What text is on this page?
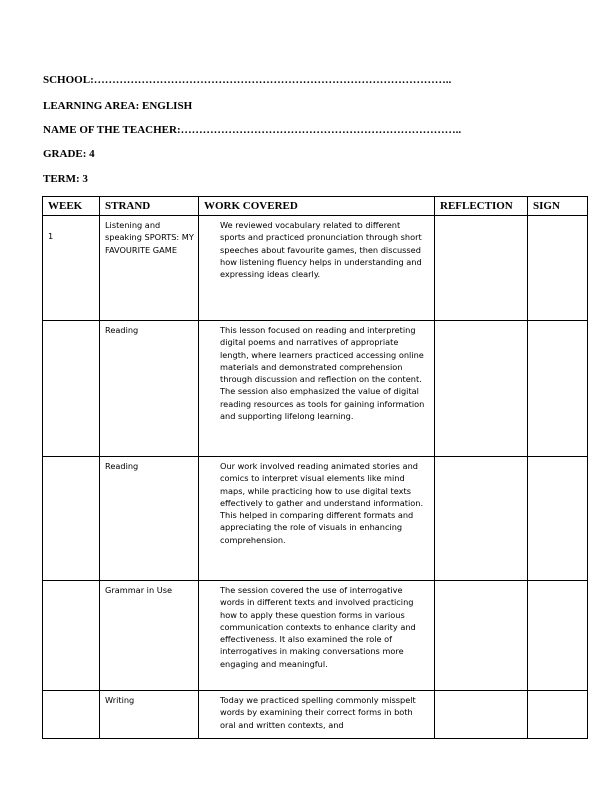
SCHOOL:……………………………………………………………………………………..
LEARNING AREA: ENGLISH
NAME OF THE TEACHER:…………………………………………………………………..
GRADE: 4
TERM: 3
WEEK	STRAND	WORK COVERED	REFLECTION	SIGN

1	Listening and speaking SPORTS: MY FAVOURITE GAME	We reviewed vocabulary related to different sports and practiced pronunciation through short speeches about favourite games, then discussed how listening fluency helps in understanding and expressing ideas clearly.		
	Reading	This lesson focused on reading and interpreting digital poems and narratives of appropriate length, where learners practiced accessing online materials and demonstrated comprehension through discussion and reflection on the content. The session also emphasized the value of digital reading resources as tools for gaining information and supporting lifelong learning.		
	Reading	Our work involved reading animated stories and comics to interpret visual elements like mind maps, while practicing how to use digital texts effectively to gather and understand information. This helped in comparing different formats and appreciating the role of visuals in enhancing comprehension.		
	Grammar in Use	The session covered the use of interrogative words in different texts and involved practicing how to apply these question forms in various communication contexts to enhance clarity and effectiveness. It also examined the role of interrogatives in making conversations more engaging and meaningful.		
	Writing	Today we practiced spelling commonly misspelt words by examining their correct forms in both oral and written contexts, and		
